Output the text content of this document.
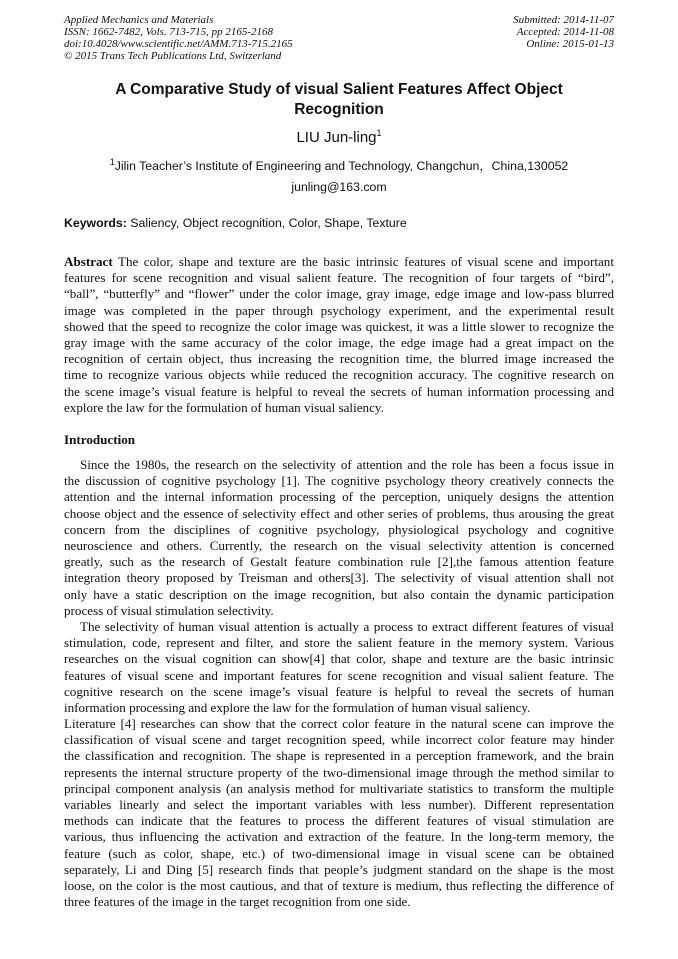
Applied Mechanics and Materials
ISSN: 1662-7482, Vols. 713-715, pp 2165-2168
doi:10.4028/www.scientific.net/AMM.713-715.2165
© 2015 Trans Tech Publications Ltd, Switzerland
Submitted: 2014-11-07
Accepted: 2014-11-08
Online: 2015-01-13
A Comparative Study of visual Salient Features Affect Object
Recognition
LIU Jun-ling$^1$
$^1$Jilin Teacher’s Institute of Engineering and Technology, Changchun，China,130052
junling@163.com
Keywords: Saliency, Object recognition, Color, Shape, Texture
Abstract The color, shape and texture are the basic intrinsic features of visual scene and important
features for scene recognition and visual salient feature. The recognition of four targets of “bird”,
“ball”, “butterfly” and “flower” under the color image, gray image, edge image and low-pass blurred
image was completed in the paper through psychology experiment, and the experimental result
showed that the speed to recognize the color image was quickest, it was a little slower to recognize the
gray image with the same accuracy of the color image, the edge image had a great impact on the
recognition of certain object, thus increasing the recognition time, the blurred image increased the
time to recognize various objects while reduced the recognition accuracy. The cognitive research on
the scene image’s visual feature is helpful to reveal the secrets of human information processing and
explore the law for the formulation of human visual saliency.
Introduction
Since the 1980s, the research on the selectivity of attention and the role has been a focus issue in
the discussion of cognitive psychology [1]. The cognitive psychology theory creatively connects the
attention and the internal information processing of the perception, uniquely designs the attention
choose object and the essence of selectivity effect and other series of problems, thus arousing the great
concern from the disciplines of cognitive psychology, physiological psychology and cognitive
neuroscience and others. Currently, the research on the visual selectivity attention is concerned
greatly, such as the research of Gestalt feature combination rule [2],the famous attention feature
integration theory proposed by Treisman and others[3]. The selectivity of visual attention shall not
only have a static description on the image recognition, but also contain the dynamic participation
process of visual stimulation selectivity.
The selectivity of human visual attention is actually a process to extract different features of visual
stimulation, code, represent and filter, and store the salient feature in the memory system. Various
researches on the visual cognition can show[4] that color, shape and texture are the basic intrinsic
features of visual scene and important features for scene recognition and visual salient feature. The
cognitive research on the scene image’s visual feature is helpful to reveal the secrets of human
information processing and explore the law for the formulation of human visual saliency.
Literature [4] researches can show that the correct color feature in the natural scene can improve the
classification of visual scene and target recognition speed, while incorrect color feature may hinder
the classification and recognition. The shape is represented in a perception framework, and the brain
represents the internal structure property of the two-dimensional image through the method similar to
principal component analysis (an analysis method for multivariate statistics to transform the multiple
variables linearly and select the important variables with less number). Different representation
methods can indicate that the features to process the different features of visual stimulation are
various, thus influencing the activation and extraction of the feature. In the long-term memory, the
feature (such as color, shape, etc.) of two-dimensional image in visual scene can be obtained
separately, Li and Ding [5] research finds that people’s judgment standard on the shape is the most
loose, on the color is the most cautious, and that of texture is medium, thus reflecting the difference of
three features of the image in the target recognition from one side.
